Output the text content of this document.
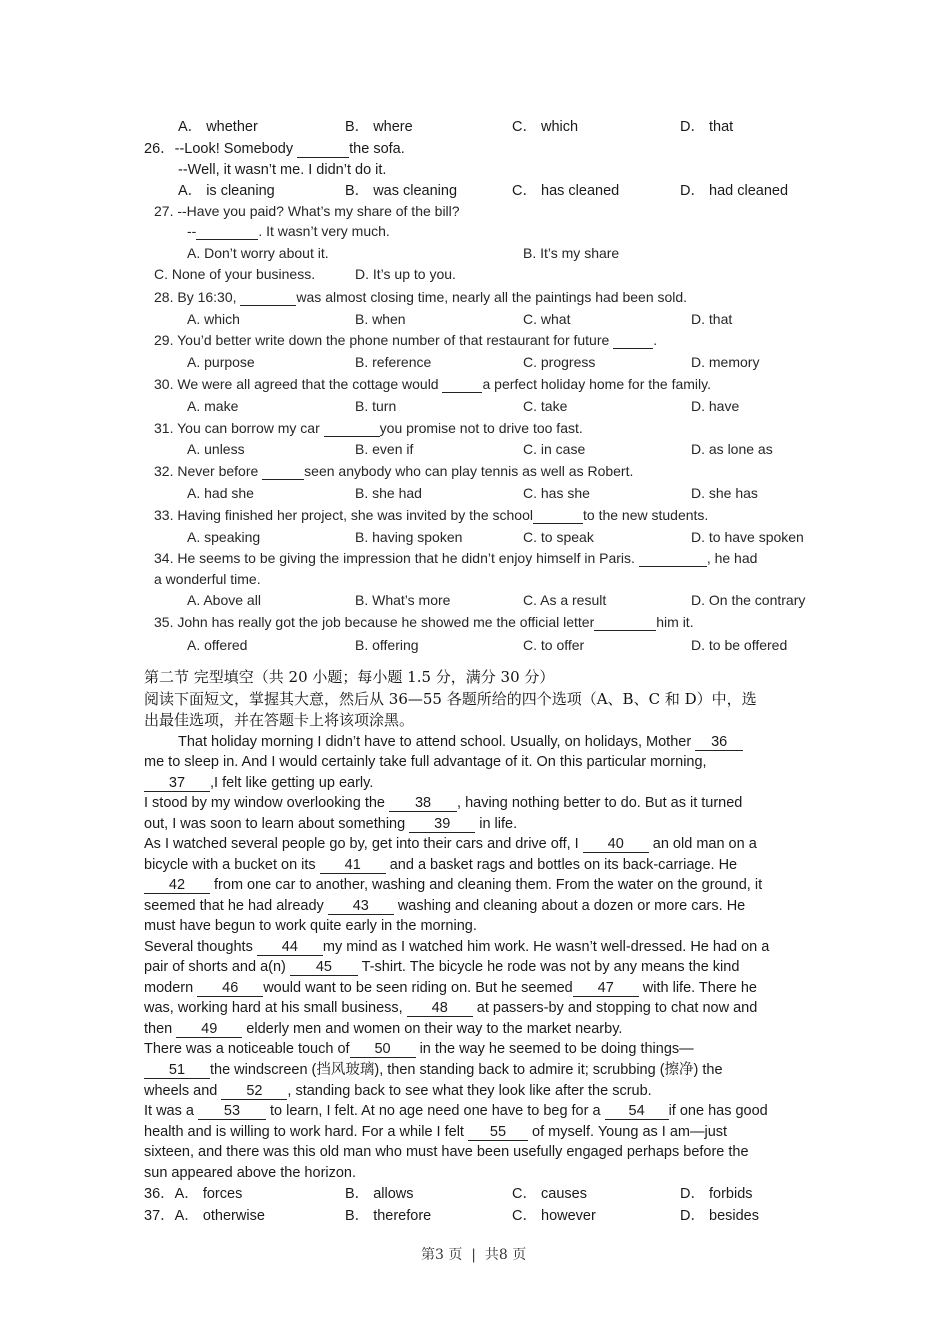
A． whether	B． where	C． which	D． that
26．--Look! Somebody	the sofa.
--Well, it wasn’t me. I didn’t do it.
A． is cleaning	B． was cleaning	C． has cleaned	D． had cleaned
27. --Have you paid? What’s my share of the bill?
--	. It wasn’t very much.
A. Don’t worry about it.	B. It’s my share
C. None of your business.	D. It’s up to you.
28. By 16:30,	was almost closing time, nearly all the paintings had been sold.
A. which	B. when	C. what	D. that
29. You’d better write down the phone number of that restaurant for future	.
A. purpose	B. reference	C. progress	D. memory
30. We were all agreed that the cottage would	a perfect holiday home for the family.
A. make	B. turn	C. take	D. have
31. You can borrow my car	you promise not to drive too fast.
A. unless	B. even if	C. in case	D. as lone as
32. Never before	seen anybody who can play tennis as well as Robert.
A. had she	B. she had	C. has she	D. she has
33. Having finished her project, she was invited by the school	to the new students.
A. speaking	B. having spoken	C. to speak	D. to have spoken
34. He seems to be giving the impression that he didn’t enjoy himself in Paris.	, he had
a wonderful time.
A. Above all	B. What’s more	C. As a result	D. On the contrary
35. John has really got the job because he showed me the official letter	him it.
A. offered	B. offering	C. to offer	D. to be offered
第二节 完型填空（共 20 小题；每小题 1.5 分，满分 30 分）
阅读下面短文，掌握其大意，然后从 36—55 各题所给的四个选项（A、B、C 和 D）中，选
出最佳选项，并在答题卡上将该项涂黑。
That holiday morning I didn’t have to attend school. Usually, on holidays, Mother 36
me to sleep in. And I would certainly take full advantage of it. On this particular morning,
37 ,I felt like getting up early.
I stood by my window overlooking the 38 , having nothing better to do. But as it turned
out, I was soon to learn about something 39 in life.
As I watched several people go by, get into their cars and drive off, I 40 an old man on a
bicycle with a bucket on its 41 and a basket rags and bottles on its back-carriage. He
42 from one car to another, washing and cleaning them. From the water on the ground, it
seemed that he had already 43 washing and cleaning about a dozen or more cars. He
must have begun to work quite early in the morning.
Several thoughts 44 my mind as I watched him work. He wasn’t well-dressed. He had on a
pair of shorts and a(n) 45 T-shirt. The bicycle he rode was not by any means the kind
modern 46 would want to be seen riding on. But he seemed 47 with life. There he
was, working hard at his small business, 48 at passers-by and stopping to chat now and
then 49 elderly men and women on their way to the market nearby.
There was a noticeable touch of 50 in the way he seemed to be doing things—
51 the windscreen (挡风玻璃), then standing back to admire it; scrubbing (擦净) the
wheels and 52 , standing back to see what they look like after the scrub.
It was a 53 to learn, I felt. At no age need one have to beg for a 54 if one has good
health and is willing to work hard. For a while I felt 55 of myself. Young as I am—just
sixteen, and there was this old man who must have been usefully engaged perhaps before the
sun appeared above the horizon.
36．A． forces	B． allows	C． causes	D． forbids
37．A． otherwise	B． therefore	C． however	D． besides
第3 页 | 共8 页
